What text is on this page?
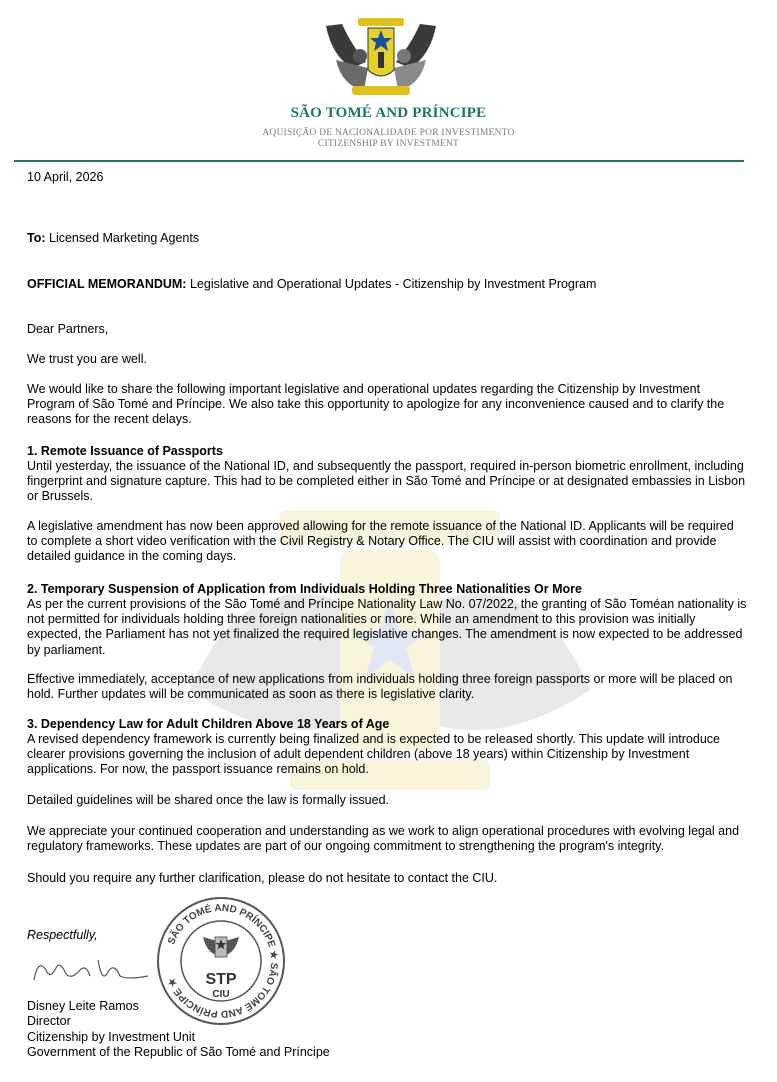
SÃO TOMÉ AND PRÍNCIPE
AQUISIÇÃO DE NACIONALIDADE POR INVESTIMENTO
CITIZENSHIP BY INVESTMENT

10 April, 2026

To: Licensed Marketing Agents

OFFICIAL MEMORANDUM: Legislative and Operational Updates - Citizenship by Investment Program

Dear Partners,

We trust you are well.

We would like to share the following important legislative and operational updates regarding the Citizenship by Investment Program of São Tomé and Príncipe. We also take this opportunity to apologize for any inconvenience caused and to clarify the reasons for the recent delays.

1. Remote Issuance of Passports

Until yesterday, the issuance of the National ID, and subsequently the passport, required in-person biometric enrollment, including fingerprint and signature capture. This had to be completed either in São Tomé and Príncipe or at designated embassies in Lisbon or Brussels.

A legislative amendment has now been approved allowing for the remote issuance of the National ID. Applicants will be required to complete a short video verification with the Civil Registry & Notary Office. The CIU will assist with coordination and provide detailed guidance in the coming days.

2. Temporary Suspension of Application from Individuals Holding Three Nationalities Or More

As per the current provisions of the São Tomé and Príncipe Nationality Law No. 07/2022, the granting of São Toméan nationality is not permitted for individuals holding three foreign nationalities or more. While an amendment to this provision was initially expected, the Parliament has not yet finalized the required legislative changes. The amendment is now expected to be addressed by parliament.

Effective immediately, acceptance of new applications from individuals holding three foreign passports or more will be placed on hold. Further updates will be communicated as soon as there is legislative clarity.

3. Dependency Law for Adult Children Above 18 Years of Age

A revised dependency framework is currently being finalized and is expected to be released shortly. This update will introduce clearer provisions governing the inclusion of adult dependent children (above 18 years) within Citizenship by Investment applications. For now, the passport issuance remains on hold.

Detailed guidelines will be shared once the law is formally issued.

We appreciate your continued cooperation and understanding as we work to align operational procedures with evolving legal and regulatory frameworks. These updates are part of our ongoing commitment to strengthening the program's integrity.

Should you require any further clarification, please do not hesitate to contact the CIU.

Respectfully,
Disney Leite Ramos
Director
Citizenship by Investment Unit
Government of the Republic of São Tomé and Príncipe
SÃO TOMÉ AND PRÍNCIPE ★ SÃO TOMÉ AND PRÍNCIPE ★	STP
CIU
